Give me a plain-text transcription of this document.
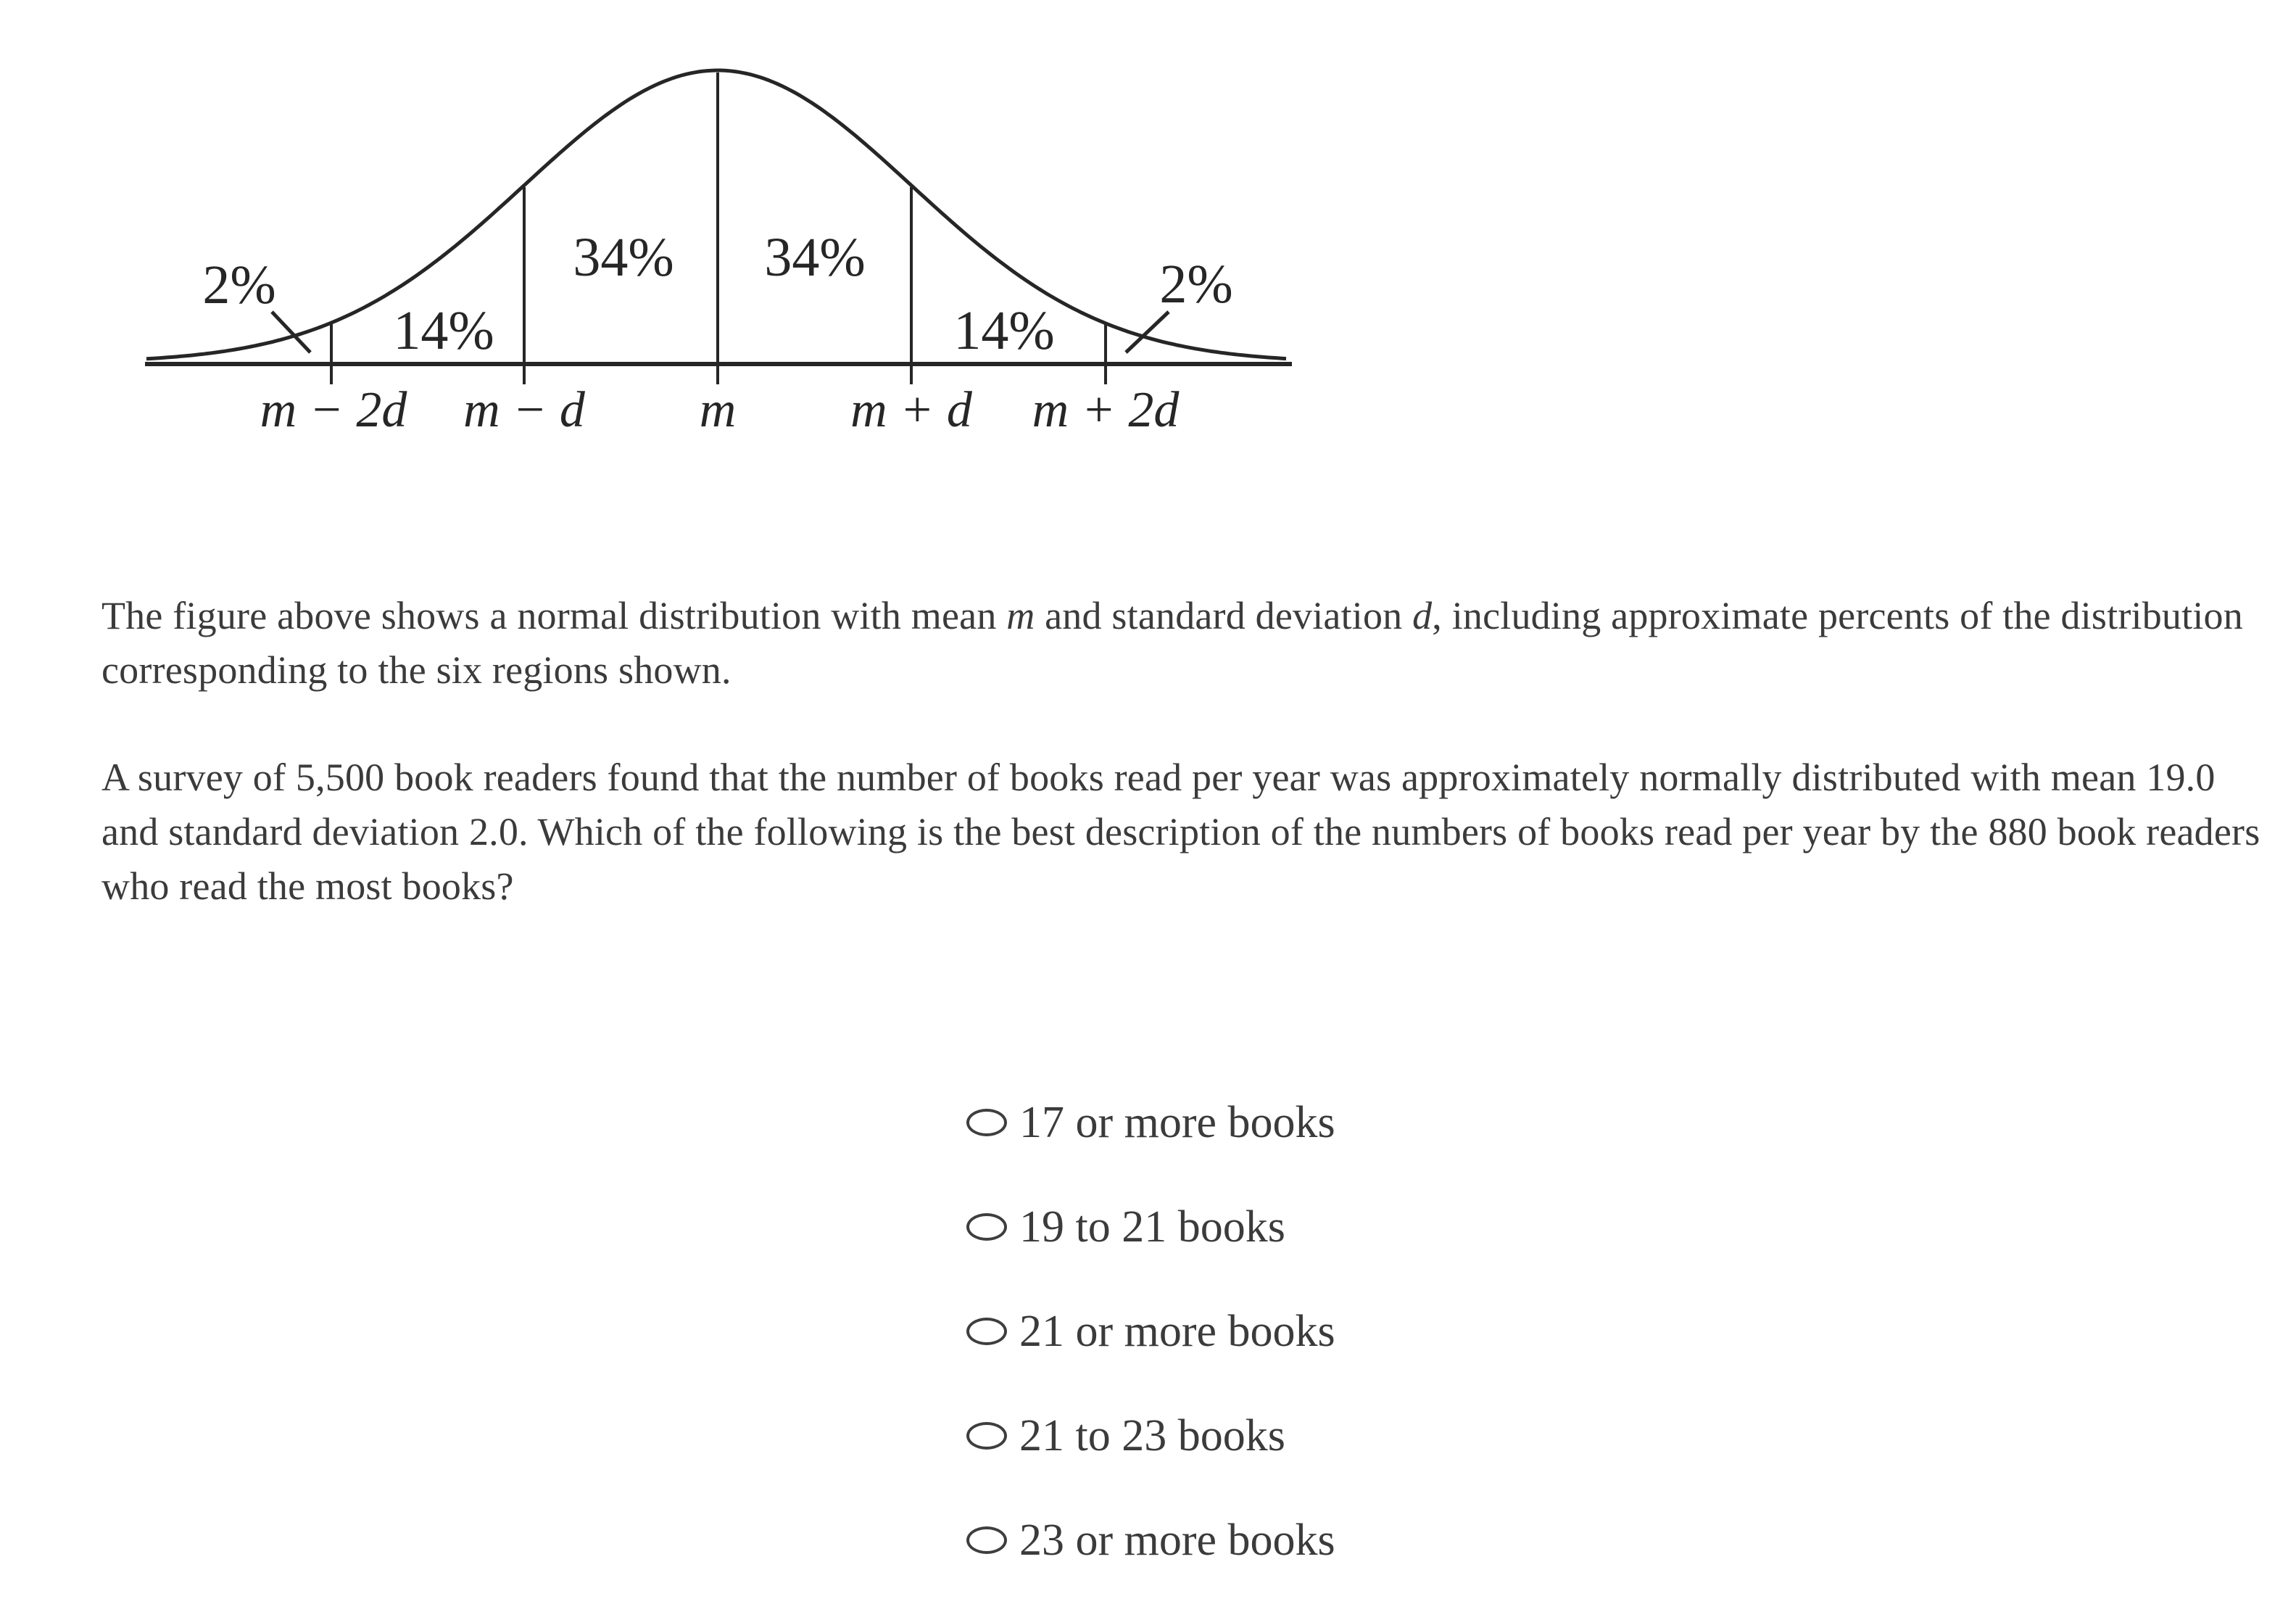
2%
14%
34% 34%
14%
2%
m − 2d m − d m m + d m + 2d
The figure above shows a normal distribution with mean m and standard deviation d, including approximate percents of the distribution corresponding to the six regions shown.
A survey of 5,500 book readers found that the number of books read per year was approximately normally distributed with mean 19.0 and standard deviation 2.0. Which of the following is the best description of the numbers of books read per year by the 880 book readers who read the most books?
17 or more books
19 to 21 books
21 or more books
21 to 23 books
23 or more books
